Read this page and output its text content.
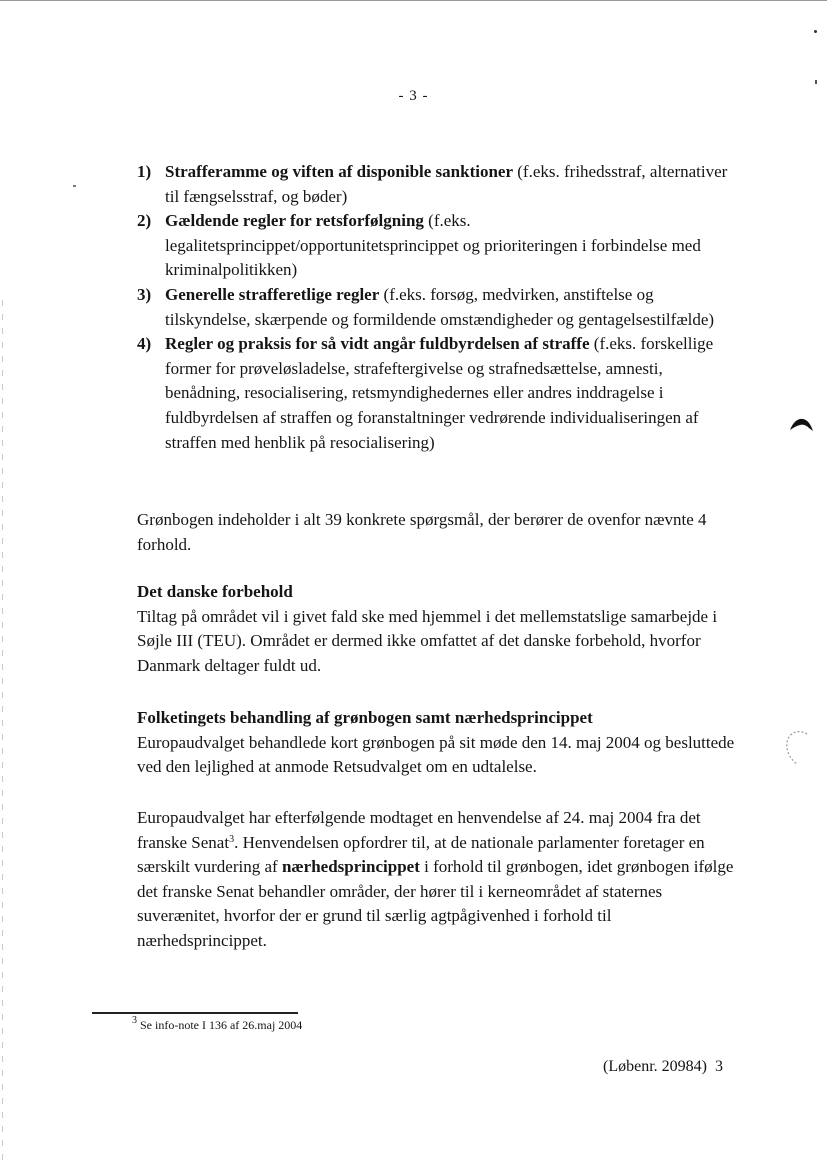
- 3 -
1) Strafferamme og viften af disponible sanktioner (f.eks. frihedsstraf, alternativer til fængselsstraf, og bøder)
2) Gældende regler for retsforfølgning (f.eks. legalitetsprincippet/opportunitetsprincippet og prioriteringen i forbindelse med kriminalpolitikken)
3) Generelle strafferetlige regler (f.eks. forsøg, medvirken, anstiftelse og tilskyndelse, skærpende og formildende omstændigheder og gentagelsestilfælde)
4) Regler og praksis for så vidt angår fuldbyrdelsen af straffe (f.eks. forskellige former for prøveløsladelse, strafeftergivelse og strafnedsættelse, amnesti, benådning, resocialisering, retsmyndighedernes eller andres inddragelse i fuldbyrdelsen af straffen og foranstaltninger vedrørende individualiseringen af straffen med henblik på resocialisering)

Grønbogen indeholder i alt 39 konkrete spørgsmål, der berører de ovenfor nævnte 4 forhold.

Det danske forbehold
Tiltag på området vil i givet fald ske med hjemmel i det mellemstatslige samarbejde i Søjle III (TEU). Området er dermed ikke omfattet af det danske forbehold, hvorfor Danmark deltager fuldt ud.
Folketingets behandling af grønbogen samt nærhedsprincippet
Europaudvalget behandlede kort grønbogen på sit møde den 14. maj 2004 og besluttede ved den lejlighed at anmode Retsudvalget om en udtalelse.

Europaudvalget har efterfølgende modtaget en henvendelse af 24. maj 2004 fra det franske Senat$^3$. Henvendelsen opfordrer til, at de nationale parlamenter foretager en særskilt vurdering af nærhedsprincippet i forhold til grønbogen, idet grønbogen ifølge det franske Senat behandler områder, der hører til i kerneområdet af staternes suverænitet, hvorfor der er grund til særlig agtpågivenhed i forhold til nærhedsprincippet.

$^3$ Se info-note I 136 af 26.maj 2004
(Løbenr. 20984)  3
